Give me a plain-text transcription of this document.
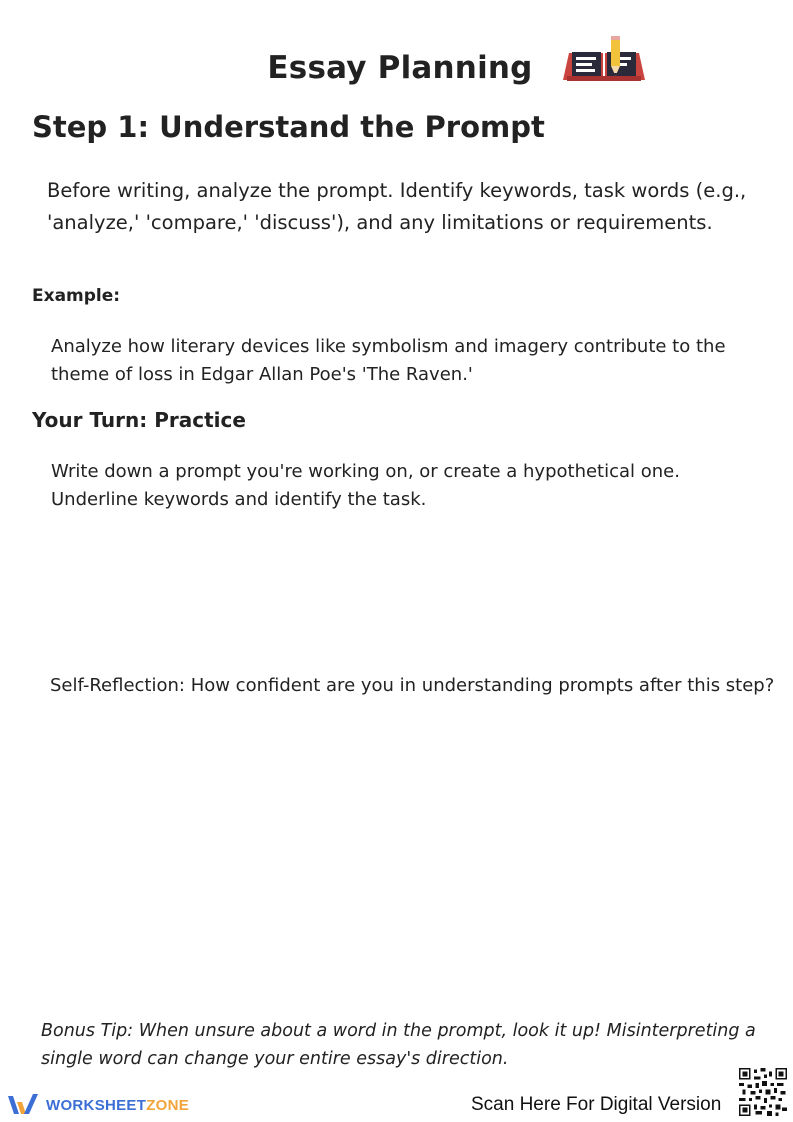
Essay Planning
Step 1: Understand the Prompt
Before writing, analyze the prompt. Identify keywords, task words (e.g., 'analyze,' 'compare,' 'discuss'), and any limitations or requirements.
Example:
Analyze how literary devices like symbolism and imagery contribute to the theme of loss in Edgar Allan Poe's 'The Raven.'
Your Turn: Practice
Write down a prompt you're working on, or create a hypothetical one. Underline keywords and identify the task.
Self-Reflection: How confident are you in understanding prompts after this step?
Bonus Tip: When unsure about a word in the prompt, look it up! Misinterpreting a single word can change your entire essay's direction.
WORKSHEETZONE	Scan Here For Digital Version
